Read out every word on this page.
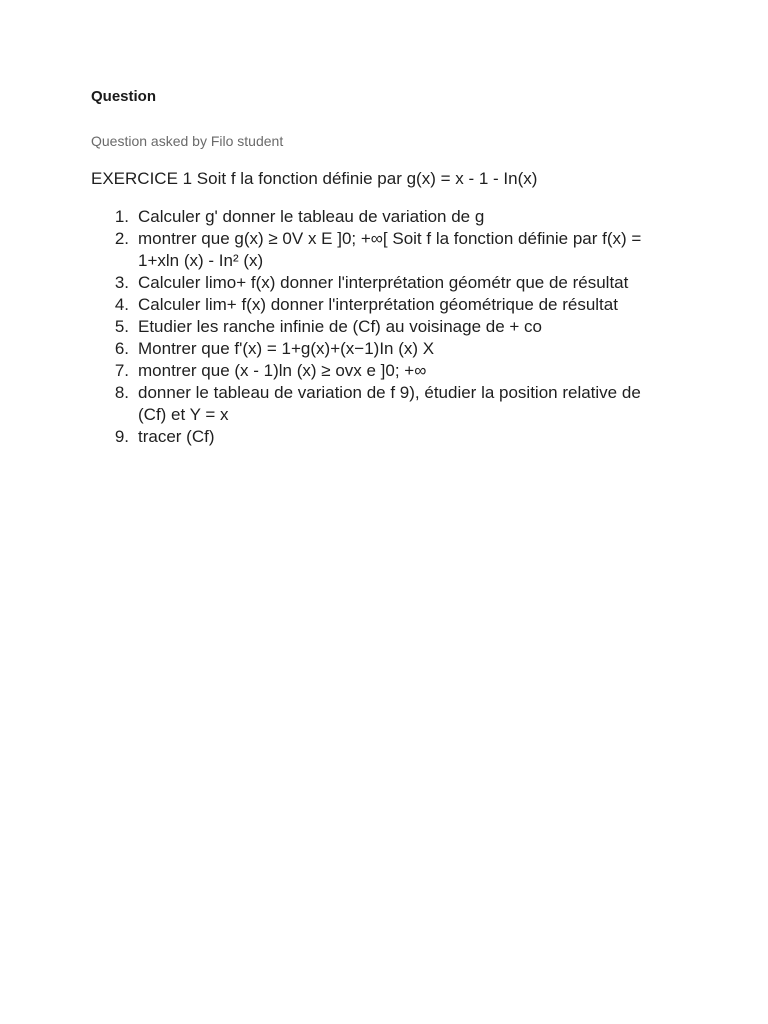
Question
Question asked by Filo student
EXERCICE 1 Soit f la fonction définie par g(x) = x - 1 - In(x)
1. Calculer g' donner le tableau de variation de g
2. montrer que g(x) ≥ 0V x E ]0; +∞[ Soit f la fonction définie par f(x) = 1+xln (x) - In² (x)
3. Calculer limo+ f(x) donner l'interprétation géométr que de résultat
4. Calculer lim+ f(x) donner l'interprétation géométrique de résultat
5. Etudier les ranche infinie de (Cf) au voisinage de + co
6. Montrer que f'(x) = 1+g(x)+(x−1)In (x) X
7. montrer que (x - 1)ln (x) ≥ ovx e ]0; +∞
8. donner le tableau de variation de f 9), étudier la position relative de (Cf) et Y = x
9. tracer (Cf)
